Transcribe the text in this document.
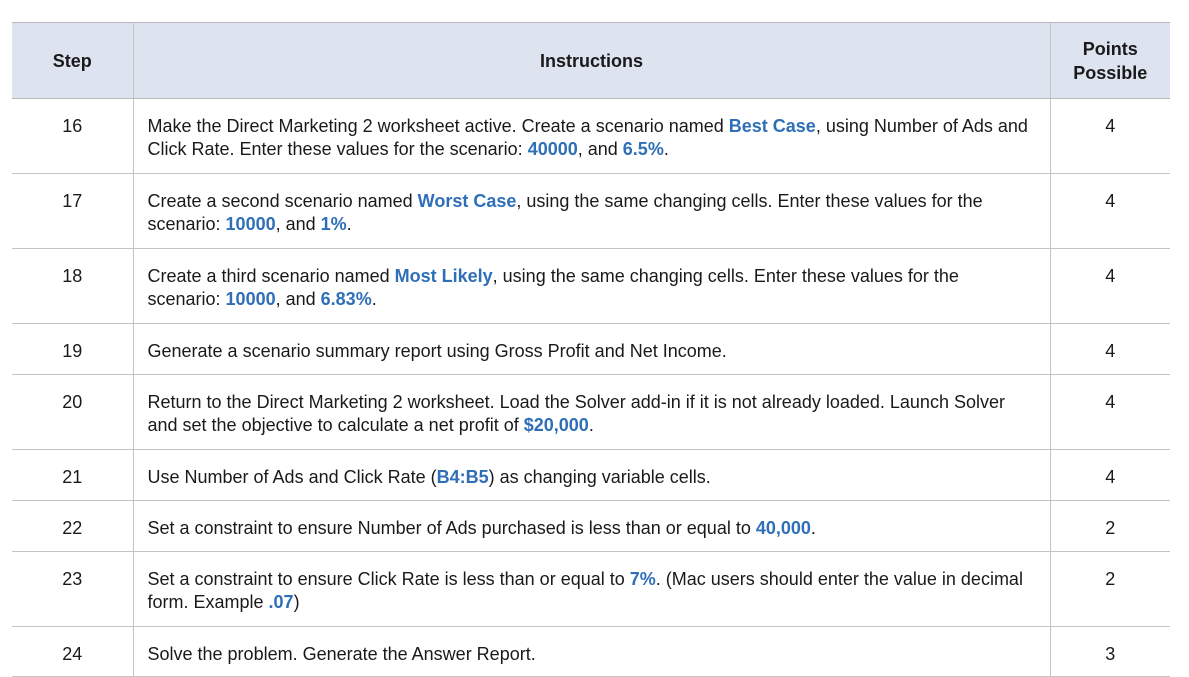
Step	Instructions	Points
Possible
16	Make the Direct Marketing 2 worksheet active. Create a scenario named Best Case, using Number of Ads and Click Rate. Enter these values for the scenario: 40000, and 6.5%.	4
17	Create a second scenario named Worst Case, using the same changing cells. Enter these values for the scenario: 10000, and 1%.	4
18	Create a third scenario named Most Likely, using the same changing cells. Enter these values for the scenario: 10000, and 6.83%.	4
19	Generate a scenario summary report using Gross Profit and Net Income.	4
20	Return to the Direct Marketing 2 worksheet. Load the Solver add-in if it is not already loaded. Launch Solver and set the objective to calculate a net profit of $20,000.	4
21	Use Number of Ads and Click Rate (B4:B5) as changing variable cells.	4
22	Set a constraint to ensure Number of Ads purchased is less than or equal to 40,000.	2
23	Set a constraint to ensure Click Rate is less than or equal to 7%. (Mac users should enter the value in decimal form. Example .07)	2
24	Solve the problem. Generate the Answer Report.	3
